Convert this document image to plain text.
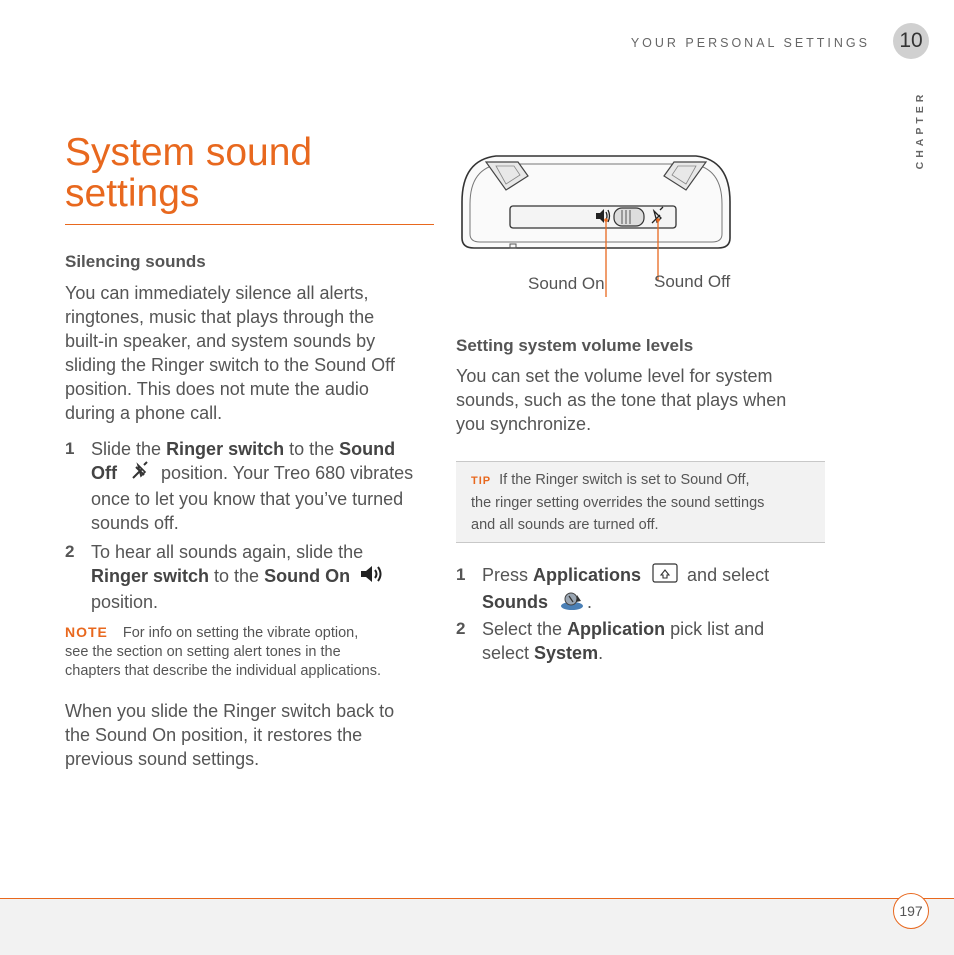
YOUR PERSONAL SETTINGS	10
CHAPTER
System sound
settings
Silencing sounds
You can immediately silence all alerts,
ringtones, music that plays through the
built-in speaker, and system sounds by
sliding the Ringer switch to the Sound Off
position. This does not mute the audio
during a phone call.
1 Slide the Ringer switch to the Sound
Off  position. Your Treo 680 vibrates
once to let you know that you’ve turned
sounds off.
2 To hear all sounds again, slide the
Ringer switch to the Sound On
position.
NOTE For info on setting the vibrate option,
see the section on setting alert tones in the
chapters that describe the individual applications.
When you slide the Ringer switch back to
the Sound On position, it restores the
previous sound settings.
Sound On	Sound Off
Setting system volume levels
You can set the volume level for system
sounds, such as the tone that plays when
you synchronize.
TIP If the Ringer switch is set to Sound Off,
the ringer setting overrides the sound settings
and all sounds are turned off.
1 Press Applications  and select
Sounds .
2 Select the Application pick list and
select System.
197
